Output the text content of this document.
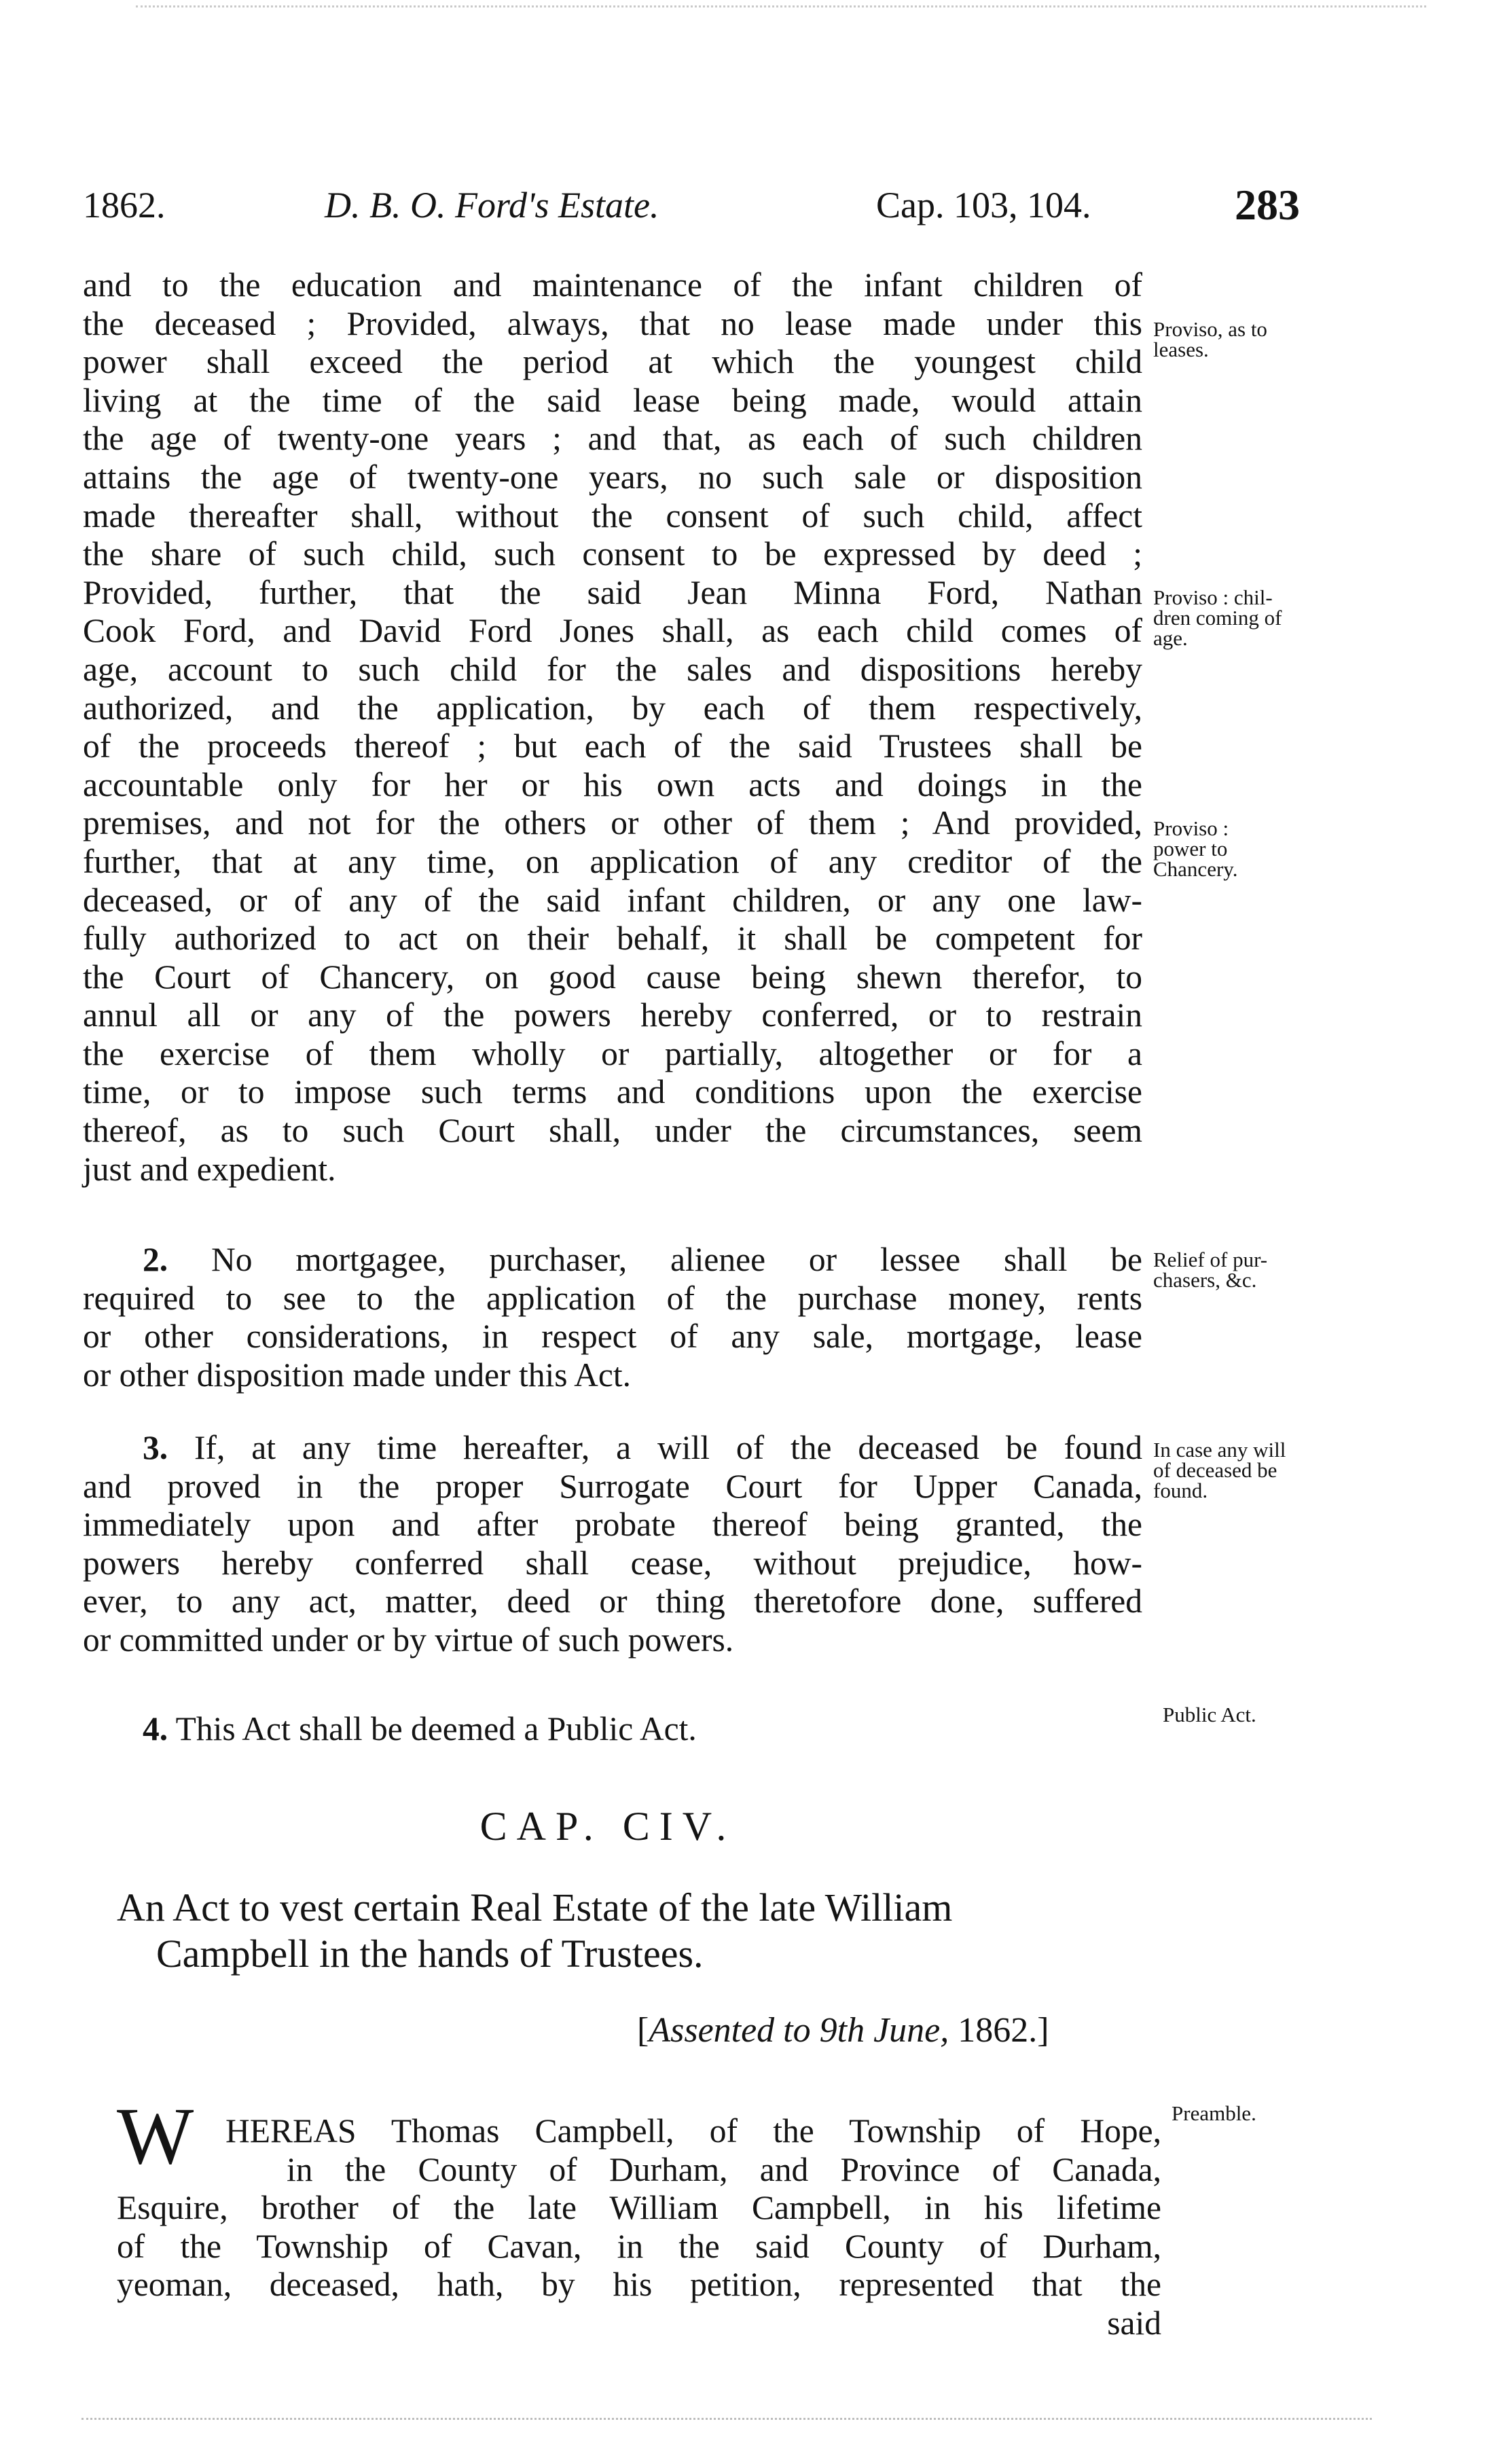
1862.	D. B. O. Ford's Estate.	Cap. 103, 104.	283
and to the education and maintenance of the infant children of
the deceased ; Provided, always, that no lease made under this
power shall exceed the period at which the youngest child
living at the time of the said lease being made, would attain
the age of twenty-one years ; and that, as each of such children
attains the age of twenty-one years, no such sale or disposition
made thereafter shall, without the consent of such child, affect
the share of such child, such consent to be expressed by deed ;
Provided, further, that the said Jean Minna Ford, Nathan
Cook Ford, and David Ford Jones shall, as each child comes of
age, account to such child for the sales and dispositions hereby
authorized, and the application, by each of them respectively,
of the proceeds thereof ; but each of the said Trustees shall be
accountable only for her or his own acts and doings in the
premises, and not for the others or other of them ; And provided,
further, that at any time, on application of any creditor of the
deceased, or of any of the said infant children, or any one law-
fully authorized to act on their behalf, it shall be competent for
the Court of Chancery, on good cause being shewn therefor, to
annul all or any of the powers hereby conferred, or to restrain
the exercise of them wholly or partially, altogether or for a
time, or to impose such terms and conditions upon the exercise
thereof, as to such Court shall, under the circumstances, seem
just and expedient.
2. No mortgagee, purchaser, alienee or lessee shall be
required to see to the application of the purchase money, rents
or other considerations, in respect of any sale, mortgage, lease
or other disposition made under this Act.
3. If, at any time hereafter, a will of the deceased be found
and proved in the proper Surrogate Court for Upper Canada,
immediately upon and after probate thereof being granted, the
powers hereby conferred shall cease, without prejudice, how-
ever, to any act, matter, deed or thing theretofore done, suffered
or committed under or by virtue of such powers.
4. This Act shall be deemed a Public Act.
Proviso, as to
leases.
Proviso : chil-
dren coming of
age.
Proviso :
power to
Chancery.
Relief of pur-
chasers, &c.
In case any will
of deceased be
found.
Public Act.
Preamble.
CAP. CIV.
An Act to vest certain Real Estate of the late William
Campbell in the hands of Trustees.
[Assented to 9th June, 1862.]
W HEREAS Thomas Campbell, of the Township of Hope,
in the County of Durham, and Province of Canada,
Esquire, brother of the late William Campbell, in his lifetime
of the Township of Cavan, in the said County of Durham,
yeoman, deceased, hath, by his petition, represented that the
said
